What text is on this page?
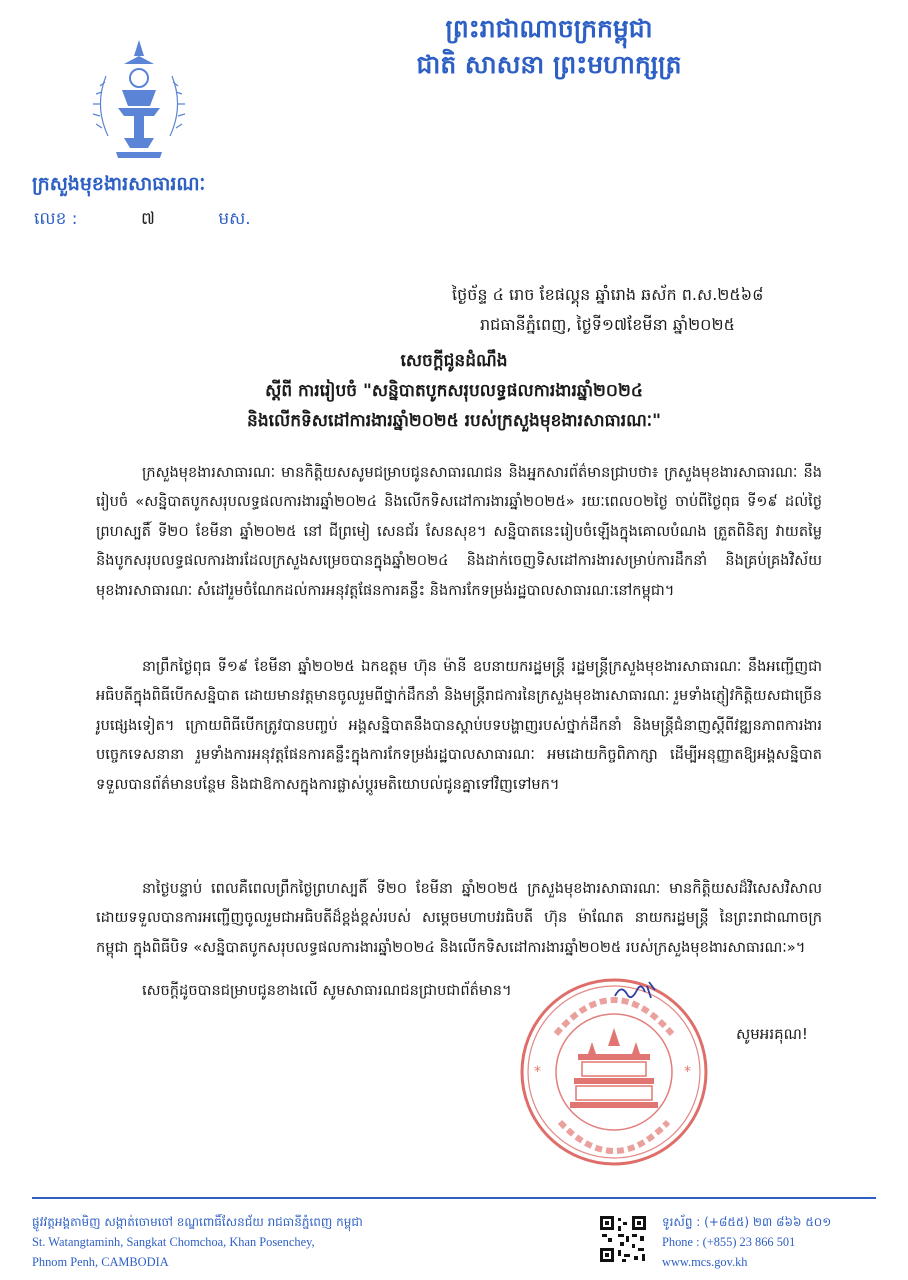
ព្រះរាជាណាចក្រកម្ពុជា
ជាតិ សាសនា ព្រះមហាក្សត្រ
ក្រសួងមុខងារសាធារណៈ
លេខ :	៧	មស.
ថ្ងៃច័ន្ទ ៤ រោច ខែផល្គុន ឆ្នាំរោង ឆស័ក ព.ស.២៥៦៨
រាជធានីភ្នំពេញ, ថ្ងៃទី១៧ខែមីនា ឆ្នាំ២០២៥
សេចក្តីជូនដំណឹង
ស្តីពី ការរៀបចំ "សន្និបាតបូកសរុបលទ្ធផលការងារឆ្នាំ២០២៤
និងលើកទិសដៅការងារឆ្នាំ២០២៥ របស់ក្រសួងមុខងារសាធារណៈ"
ក្រសួងមុខងារសាធារណៈ មានកិត្តិយសសូមជម្រាបជូនសាធារណជន និងអ្នកសារព័ត៌មានជ្រាបថា៖ ក្រសួងមុខងារសាធារណៈ នឹងរៀបចំ «សន្និបាតបូកសរុបលទ្ធផលការងារឆ្នាំ២០២៤ និងលើកទិសដៅការងារឆ្នាំ២០២៥» រយៈពេល០២ថ្ងៃ ចាប់ពីថ្ងៃពុធ ទី១៩ ដល់ថ្ងៃព្រហស្បតិ៍ ទី២០ ខែមីនា ឆ្នាំ២០២៥ នៅ ជីព្រមៀ សេនជ័រ សែនសុខ។ សន្និបាតនេះរៀបចំឡើងក្នុងគោលបំណង ត្រួតពិនិត្យ វាយតម្លៃ និងបូកសរុបលទ្ធផលការងារដែលក្រសួងសម្រេចបានក្នុងឆ្នាំ២០២៤ និងដាក់ចេញទិសដៅការងារសម្រាប់ការដឹកនាំ និងគ្រប់គ្រងវិស័យមុខងារសាធារណៈ សំដៅរួមចំណែកដល់ការអនុវត្តផែនការគន្លឹះ និងការកែទម្រង់រដ្ឋបាលសាធារណៈនៅកម្ពុជា។
នាព្រឹកថ្ងៃពុធ ទី១៩ ខែមីនា ឆ្នាំ២០២៥ ឯកឧត្តម ហ៊ុន ម៉ានី ឧបនាយករដ្ឋមន្ត្រី រដ្ឋមន្ត្រីក្រសួងមុខងារសាធារណៈ នឹងអញ្ជើញជាអធិបតីក្នុងពិធីបើកសន្និបាត ដោយមានវត្តមានចូលរួមពីថ្នាក់ដឹកនាំ និងមន្ត្រីរាជការនៃក្រសួងមុខងារសាធារណៈ រួមទាំងភ្ញៀវកិត្តិយសជាច្រើនរូបផ្សេងទៀត។ ក្រោយពិធីបើកត្រូវបានបញ្ចប់ អង្គសន្និបាតនឹងបានស្តាប់បទបង្ហាញរបស់ថ្នាក់ដឹកនាំ និងមន្ត្រីជំនាញស្តីពីវឌ្ឍនភាពការងារបច្ចេកទេសនានា រួមទាំងការអនុវត្តផែនការគន្លឹះក្នុងការកែទម្រង់រដ្ឋបាលសាធារណៈ អមដោយកិច្ចពិភាក្សា ដើម្បីអនុញ្ញាតឱ្យអង្គសន្និបាតទទួលបានព័ត៌មានបន្ថែម និងជាឱកាសក្នុងការផ្លាស់ប្តូរមតិយោបល់ជូនគ្នាទៅវិញទៅមក។
នាថ្ងៃបន្ទាប់ ពេលគឺពេលព្រឹកថ្ងៃព្រហស្បតិ៍ ទី២០ ខែមីនា ឆ្នាំ២០២៥ ក្រសួងមុខងារសាធារណៈ មានកិត្តិយសដ៏វិសេសវិសាល ដោយទទួលបានការអញ្ជើញចូលរួមជាអធិបតីដ៏ខ្ពង់ខ្ពស់របស់ សម្តេចមហាបវរធិបតី ហ៊ុន ម៉ាណែត នាយករដ្ឋមន្ត្រី នៃព្រះរាជាណាចក្រកម្ពុជា ក្នុងពិធីបិទ «សន្និបាតបូកសរុបលទ្ធផលការងារឆ្នាំ២០២៤ និងលើកទិសដៅការងារឆ្នាំ២០២៥ របស់ក្រសួងមុខងារសាធារណៈ»។
សេចក្តីដូចបានជម្រាបជូនខាងលើ សូមសាធារណជនជ្រាបជាព័ត៌មាន។
*	*
សូមអរគុណ!
ផ្លូវវត្តអង្គតាមិញ សង្កាត់ចោមចៅ ខណ្ឌពោធិ៍សែនជ័យ រាជធានីភ្នំពេញ កម្ពុជា
St. Watangtaminh, Sangkat Chomchoa, Khan Posenchey,
Phnom Penh, CAMBODIA
ទូរស័ព្ទ : (+៨៥៥) ២៣ ៨៦៦ ៥០១
Phone : (+855) 23 866 501
www.mcs.gov.kh
